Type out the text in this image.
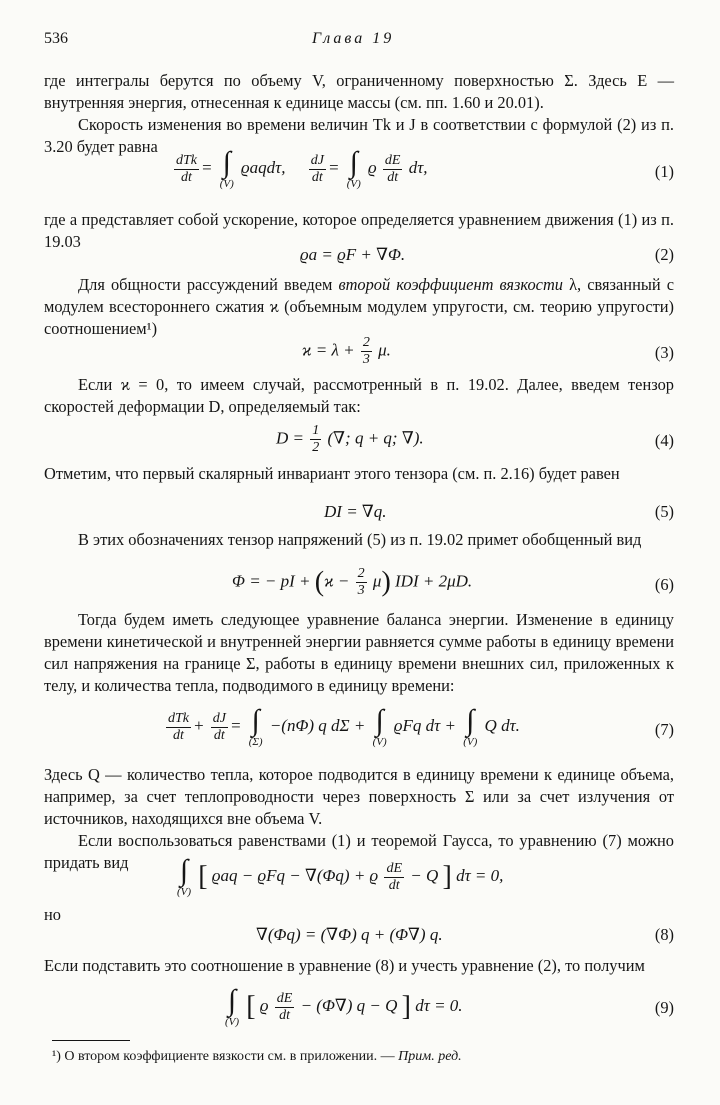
536	Глава 19

где интегралы берутся по объему V, ограниченному поверхностью Σ. Здесь E — внутренняя энергия, отнесенная к единице массы (см. пп. 1.60 и 20.01).

Скорость изменения во времени величин Tk и J в соответствии с формулой (2) из п. 3.20 будет равна

$\frac{\text{dTk}}{dt}$ = ∫
(V)
ϱaqdτ, $\frac{dJ}{dt}$ = ∫
(V)
ϱ $\frac{dE}{dt} d\tau$,	(1)

где a представляет собой ускорение, которое определяется уравнением движения (1) из п. 19.03

ϱa = ϱF + ∇Φ.	(2)

Для общности рассуждений введем второй коэффициент вязкости λ, связанный с модулем всестороннего сжатия ϰ (объемным модулем упругости, см. теорию упругости) соотношением¹)

$ϰ = \lambda + \frac{2}{3} \mu$.	(3)

Если ϰ = 0, то имеем случай, рассмотренный в п. 19.02. Далее, введем тензор скоростей деформации D, определяемый так:

$D = \frac{1}{2}$ (∇; q + q; ∇).	(4)

Отметим, что первый скалярный инвариант этого тензора (см. п. 2.16) будет равен

DI = ∇q.	(5)

В этих обозначениях тензор напряжений (5) из п. 19.02 примет обобщенный вид

Φ = − pI + $(ϰ - \frac{2}{3} \mu)$ IDI + 2μD.	(6)

Тогда будем иметь следующее уравнение баланса энергии. Изменение в единицу времени кинетической и внутренней энергии равняется сумме работы в единицу времени сил напряжения на границе Σ, работы в единицу времени внешних сил, приложенных к телу, и количества тепла, подводимого в единицу времени:

$\frac{\text{dTk}}{dt} + \frac{dJ}{dt}$ = ∫
(Σ)
−(nΦ) q dΣ + ∫
(V)
ϱFq dτ + ∫
(V)
Q dτ.	(7)

Здесь Q — количество тепла, которое подводится в единицу времени к единице объема, например, за счет теплопроводности через поверхность Σ или за счет излучения от источников, находящихся вне объема V.

Если воспользоваться равенствами (1) и теоремой Гаусса, то уравнению (7) можно придать вид	∫
(V) [ ϱaq − ϱFq − ∇(Φq) + ϱ $\frac{dE}{dt} - Q$ ] dτ = 0,

но

∇(Φq) = (∇Φ) q + (Φ∇) q.	(8)

Если подставить это соотношение в уравнение (8) и учесть уравнение (2), то получим

∫
(V) [ ϱ $\frac{dE}{dt} - (\Phi\nabla) q - Q$ ] dτ = 0.	(9)
¹) О втором коэффициенте вязкости см. в приложении. — Прим. ред.
